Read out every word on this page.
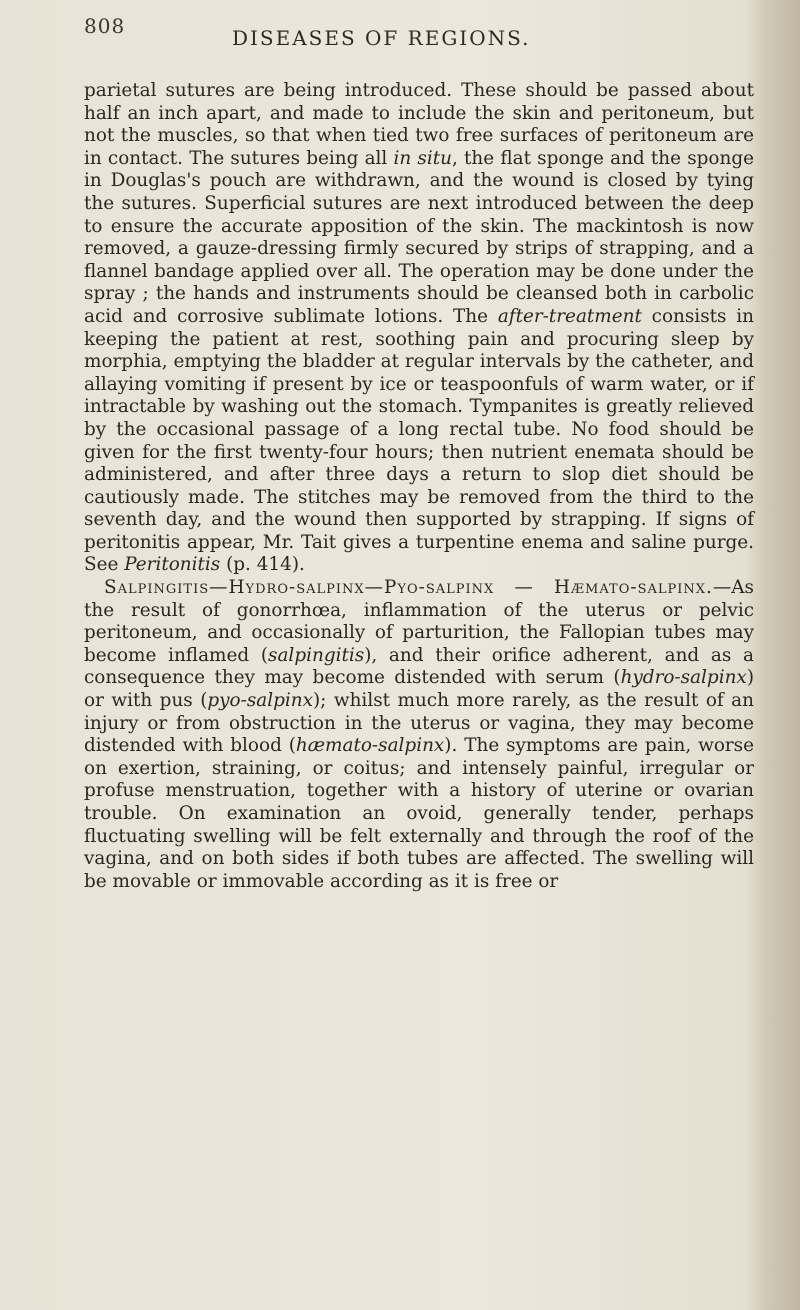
808	DISEASES OF REGIONS.

parietal sutures are being introduced. These should be passed about half an inch apart, and made to include the skin and peritoneum, but not the muscles, so that when tied two free surfaces of peritoneum are in contact. The sutures being all in situ, the flat sponge and the sponge in Douglas's pouch are withdrawn, and the wound is closed by tying the sutures. Superficial sutures are next introduced between the deep to ensure the accurate apposition of the skin. The mackintosh is now removed, a gauze-dressing firmly secured by strips of strapping, and a flannel bandage applied over all. The operation may be done under the spray ; the hands and instruments should be cleansed both in carbolic acid and corrosive sublimate lotions. The after-treatment consists in keeping the patient at rest, soothing pain and procuring sleep by morphia, emptying the bladder at regular intervals by the catheter, and allaying vomiting if present by ice or teaspoonfuls of warm water, or if intractable by washing out the stomach. Tympanites is greatly relieved by the occasional passage of a long rectal tube. No food should be given for the first twenty-four hours; then nutrient enemata should be administered, and after three days a return to slop diet should be cautiously made. The stitches may be removed from the third to the seventh day, and the wound then supported by strapping. If signs of peritonitis appear, Mr. Tait gives a turpentine enema and saline purge. See Peritonitis (p. 414).

Salpingitis—Hydro-salpinx—Pyo-salpinx — Hæmato-salpinx.—As the result of gonorrhœa, inflammation of the uterus or pelvic peritoneum, and occasionally of parturition, the Fallopian tubes may become inflamed (salpingitis), and their orifice adherent, and as a consequence they may become distended with serum (hydro-salpinx) or with pus (pyo-salpinx); whilst much more rarely, as the result of an injury or from obstruction in the uterus or vagina, they may become distended with blood (hæmato-salpinx). The symptoms are pain, worse on exertion, straining, or coitus; and intensely painful, irregular or profuse menstruation, together with a history of uterine or ovarian trouble. On examination an ovoid, generally tender, perhaps fluctuating swelling will be felt externally and through the roof of the vagina, and on both sides if both tubes are affected. The swelling will be movable or immovable according as it is free or
